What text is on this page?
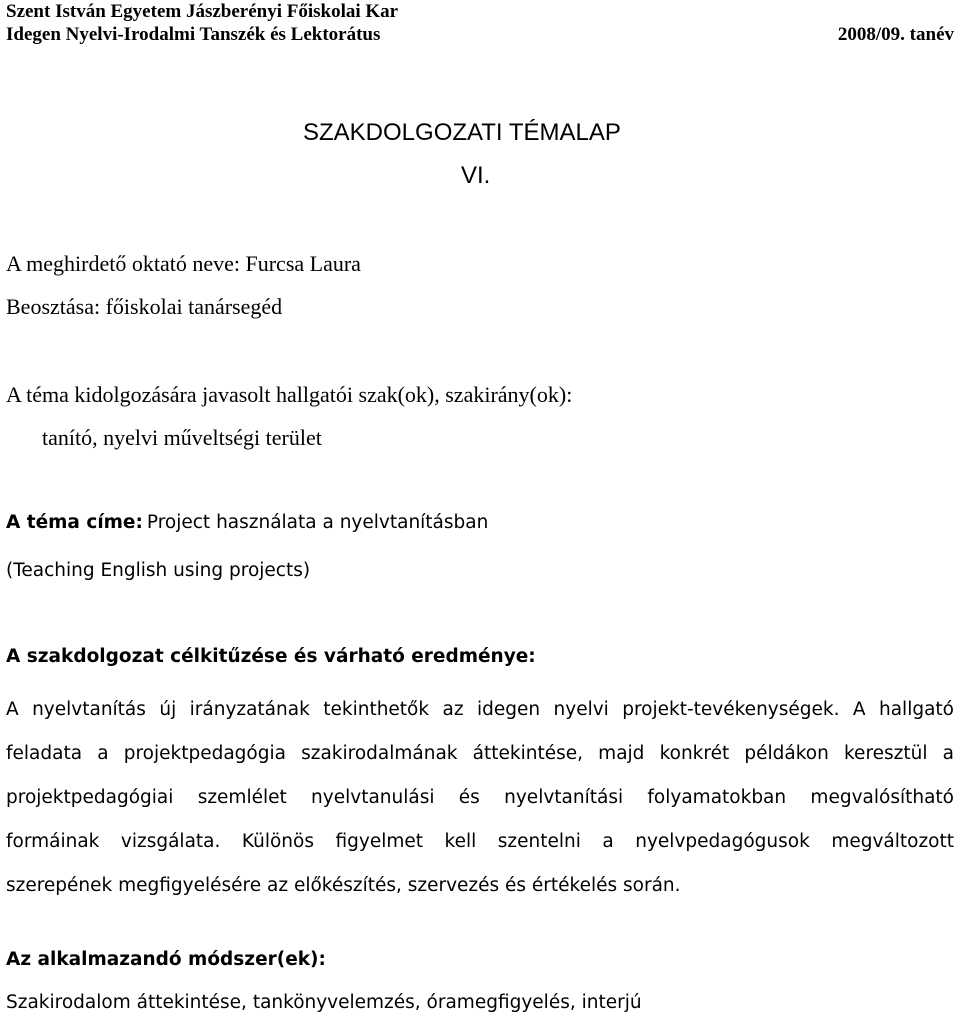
Szent István Egyetem Jászberényi Főiskolai Kar
Idegen Nyelvi-Irodalmi Tanszék és Lektorátus	2008/09. tanév
SZAKDOLGOZATI TÉMALAP
VI.
A meghirdető oktató neve: Furcsa Laura
Beosztása: főiskolai tanársegéd
A téma kidolgozására javasolt hallgatói szak(ok), szakirány(ok):
tanító, nyelvi műveltségi terület
A téma címe: Project használata a nyelvtanításban
(Teaching English using projects)
A szakdolgozat célkitűzése és várható eredménye:
A nyelvtanítás új irányzatának tekinthetők az idegen nyelvi projekt-tevékenységek. A hallgató
feladata a projektpedagógia szakirodalmának áttekintése, majd konkrét példákon keresztül a
projektpedagógiai szemlélet nyelvtanulási és nyelvtanítási folyamatokban megvalósítható
formáinak vizsgálata. Különös figyelmet kell szentelni a nyelvpedagógusok megváltozott
szerepének megfigyelésére az előkészítés, szervezés és értékelés során.
Az alkalmazandó módszer(ek):
Szakirodalom áttekintése, tankönyvelemzés, óramegfigyelés, interjú
